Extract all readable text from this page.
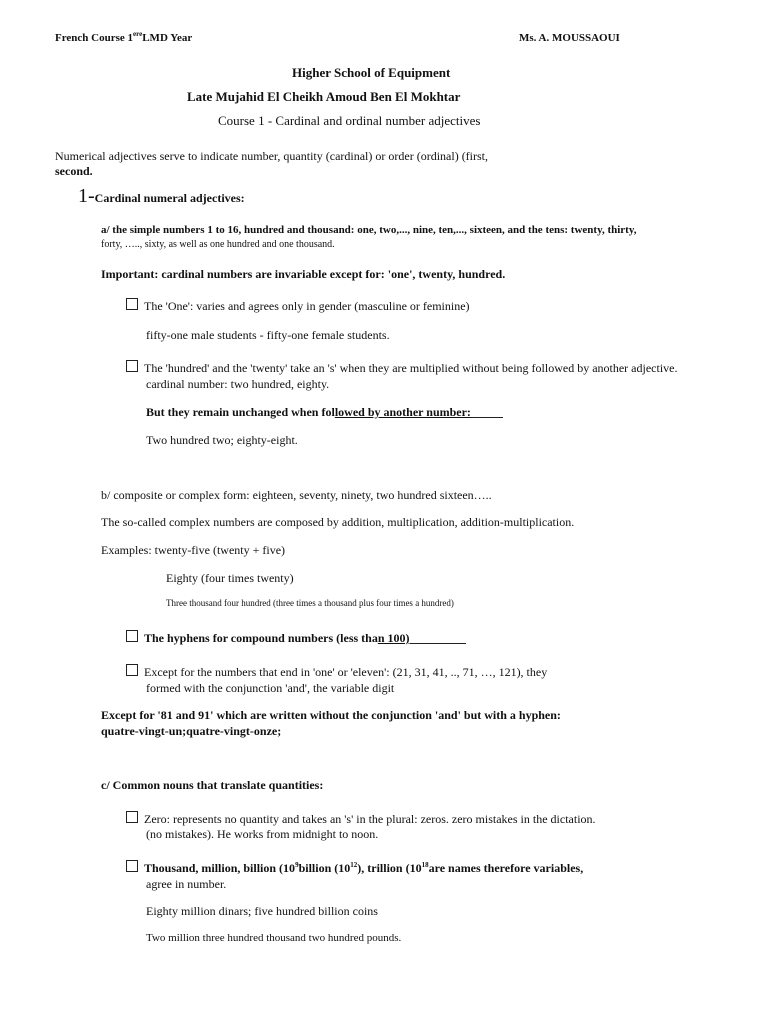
French Course 1ereLMD Year	Ms. A. MOUSSAOUI
Higher School of Equipment
Late Mujahid El Cheikh Amoud Ben El Mokhtar
Course 1 - Cardinal and ordinal number adjectives
Numerical adjectives serve to indicate number, quantity (cardinal) or order (ordinal) (first,
second.
1-Cardinal numeral adjectives:
a/ the simple numbers 1 to 16, hundred and thousand: one, two,..., nine, ten,..., sixteen, and the tens: twenty, thirty,
forty, ….., sixty, as well as one hundred and one thousand.
Important: cardinal numbers are invariable except for: 'one', twenty, hundred.
The 'One': varies and agrees only in gender (masculine or feminine)
fifty-one male students - fifty-one female students.
The 'hundred' and the 'twenty' take an 's' when they are multiplied without being followed by another adjective.
cardinal number: two hundred, eighty.
But they remain unchanged when followed by another number:
Two hundred two; eighty-eight.
b/ composite or complex form: eighteen, seventy, ninety, two hundred sixteen…..
The so-called complex numbers are composed by addition, multiplication, addition-multiplication.
Examples: twenty-five (twenty + five)
Eighty (four times twenty)
Three thousand four hundred (three times a thousand plus four times a hundred)
The hyphens for compound numbers (less than 100)
Except for the numbers that end in 'one' or 'eleven': (21, 31, 41, .., 71, …, 121), they
formed with the conjunction 'and', the variable digit
Except for '81 and 91' which are written without the conjunction 'and' but with a hyphen:
quatre-vingt-un;quatre-vingt-onze;
c/ Common nouns that translate quantities:
Zero: represents no quantity and takes an 's' in the plural: zeros. zero mistakes in the dictation.
(no mistakes). He works from midnight to noon.
Thousand, million, billion ($10^9billion$ $(10^{12})$, trillion ($10^{18}are$ names therefore variables,
agree in number.
Eighty million dinars; five hundred billion coins
Two million three hundred thousand two hundred pounds.
